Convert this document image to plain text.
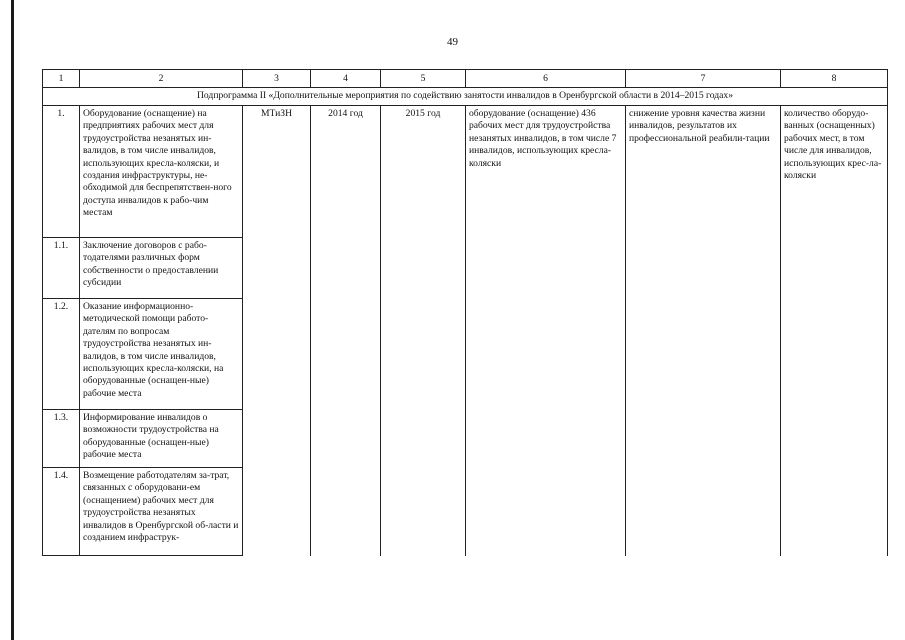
49
1	2	3	4	5	6	7	8
Подпрограмма II «Дополнительные мероприятия по содействию занятости инвалидов в Оренбургской области в 2014–2015 годах»							
1.	Оборудование (оснащение) на предприятиях рабочих мест для трудоустройства незанятых ин-валидов, в том числе инвалидов, использующих кресла-коляски, и создания инфраструктуры, не-обходимой для беспрепятствен-ного доступа инвалидов к рабо-чим местам	МТиЗН	2014 год	2015 год	оборудование (оснащение) 436 рабочих мест для трудоустройства незанятых инвалидов, в том числе 7 инвалидов, использующих кресла-коляски	снижение уровня качества жизни инвалидов, результатов их профессиональной реабили-тации	количество оборудо-ванных (оснащенных) рабочих мест, в том числе для инвалидов, использующих крес-ла-коляски
1.1.	Заключение договоров с рабо-тодателями различных форм собственности о предоставлении субсидии						
1.2.	Оказание информационно-методической помощи работо-дателям по вопросам трудоустройства незанятых ин-валидов, в том числе инвалидов, использующих кресла-коляски, на оборудованные (оснащен-ные) рабочие места						
1.3.	Информирование инвалидов о возможности трудоустройства на оборудованные (оснащен-ные) рабочие места						
1.4.	Возмещение работодателям за-трат, связанных с оборудовани-ем (оснащением) рабочих мест для трудоустройства незанятых инвалидов в Оренбургской об-ласти и созданием инфраструк-						
